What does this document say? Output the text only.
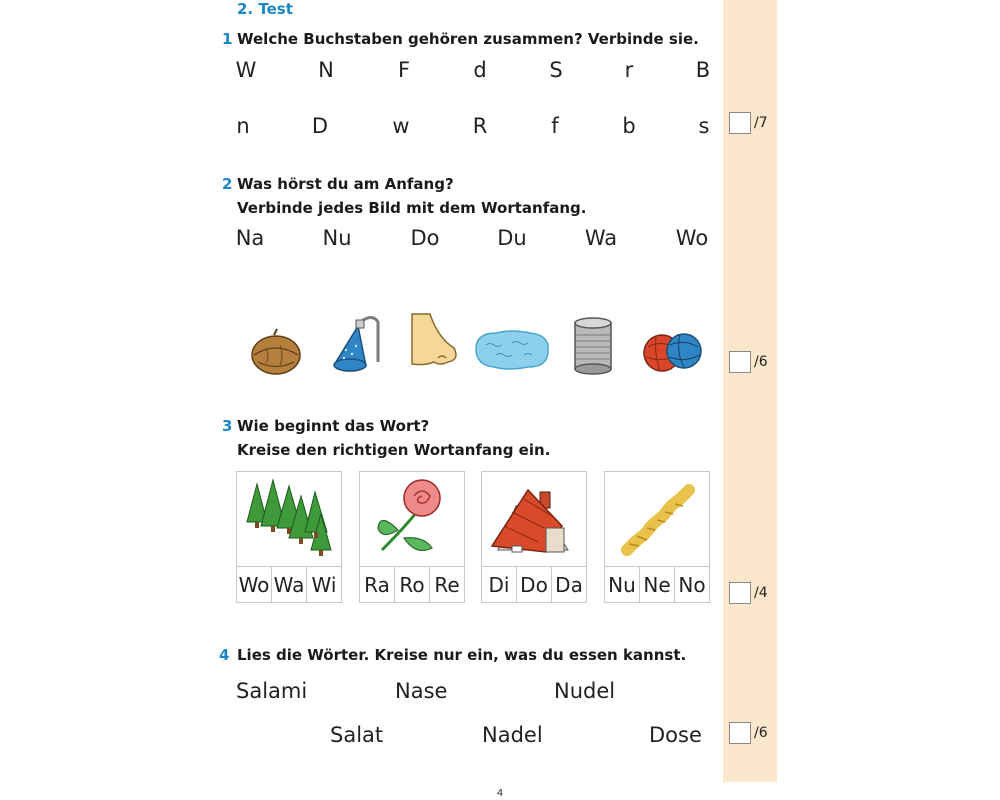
2. Test
1 Welche Buchstaben gehören zusammen? Verbinde sie.
W	N	F	d	S	r	B
n	D	w	R	f	b	s	/7
2 Was hörst du am Anfang?
Verbinde jedes Bild mit dem Wortanfang.
Na	Nu	Do	Du	Wa	Wo
/6
3 Wie beginnt das Wort?
Kreise den richtigen Wortanfang ein.
Wo Wa Wi Ra Ro Re	Di Do Da Nu Ne No	/4
4 Lies die Wörter. Kreise nur ein, was du essen kannst.
Salami	Nase	Nudel
Salat	Nadel	Dose	/6
4
